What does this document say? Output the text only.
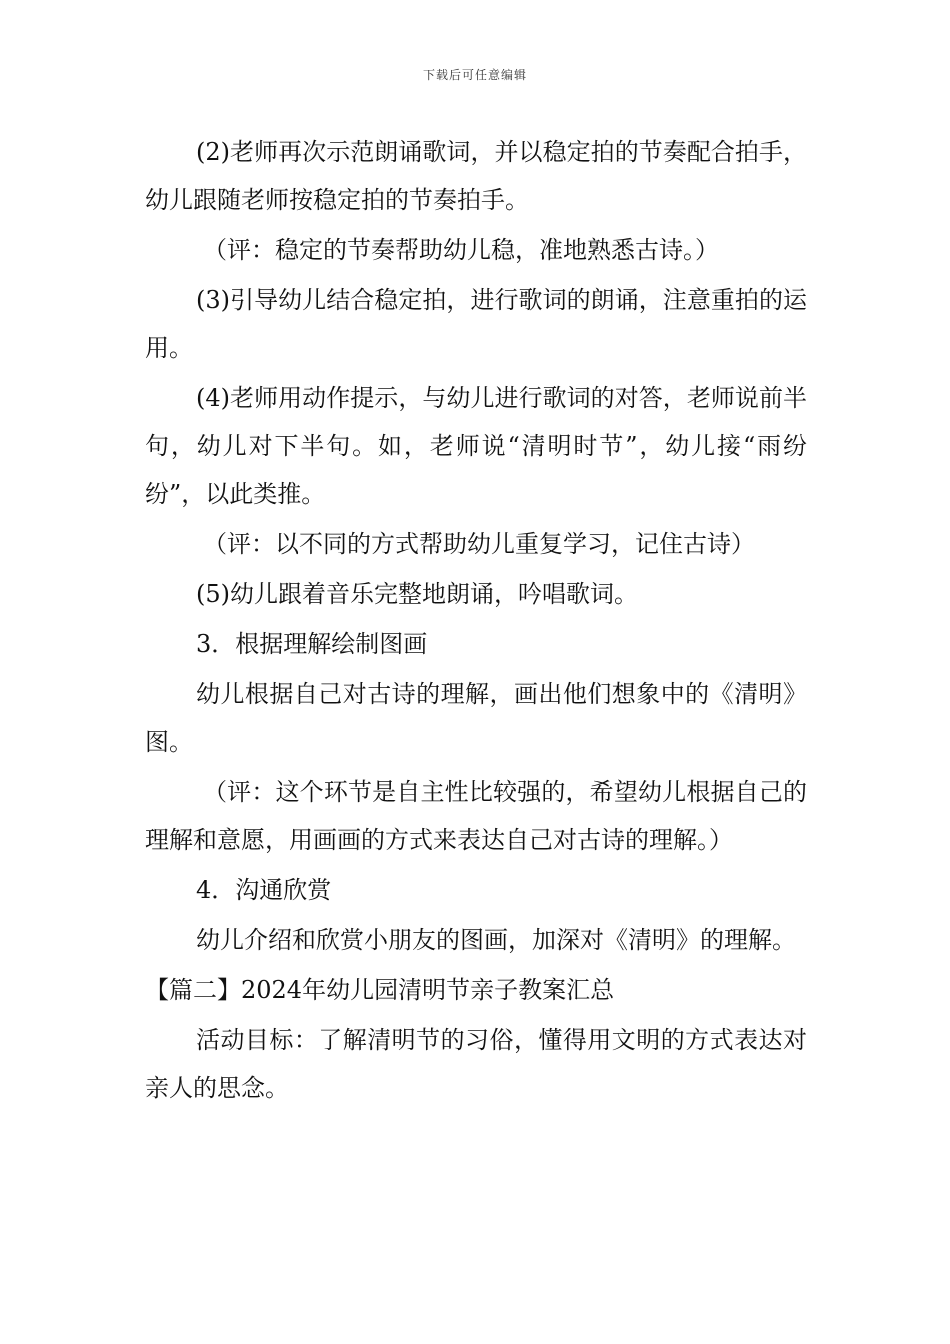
下载后可任意编辑

(2)老师再次示范朗诵歌词，并以稳定拍的节奏配合拍手，幼儿跟随老师按稳定拍的节奏拍手。

（评：稳定的节奏帮助幼儿稳，准地熟悉古诗。）

(3)引导幼儿结合稳定拍，进行歌词的朗诵，注意重拍的运用。

(4)老师用动作提示，与幼儿进行歌词的对答，老师说前半句，幼儿对下半句。如，老师说“清明时节”，幼儿接“雨纷纷”，以此类推。

（评：以不同的方式帮助幼儿重复学习，记住古诗）

(5)幼儿跟着音乐完整地朗诵，吟唱歌词。

3．根据理解绘制图画

幼儿根据自己对古诗的理解，画出他们想象中的《清明》图。

（评：这个环节是自主性比较强的，希望幼儿根据自己的理解和意愿，用画画的方式来表达自己对古诗的理解。）

4．沟通欣赏

幼儿介绍和欣赏小朋友的图画，加深对《清明》的理解。

【篇二】2024年幼儿园清明节亲子教案汇总

活动目标：了解清明节的习俗，懂得用文明的方式表达对亲人的思念。
